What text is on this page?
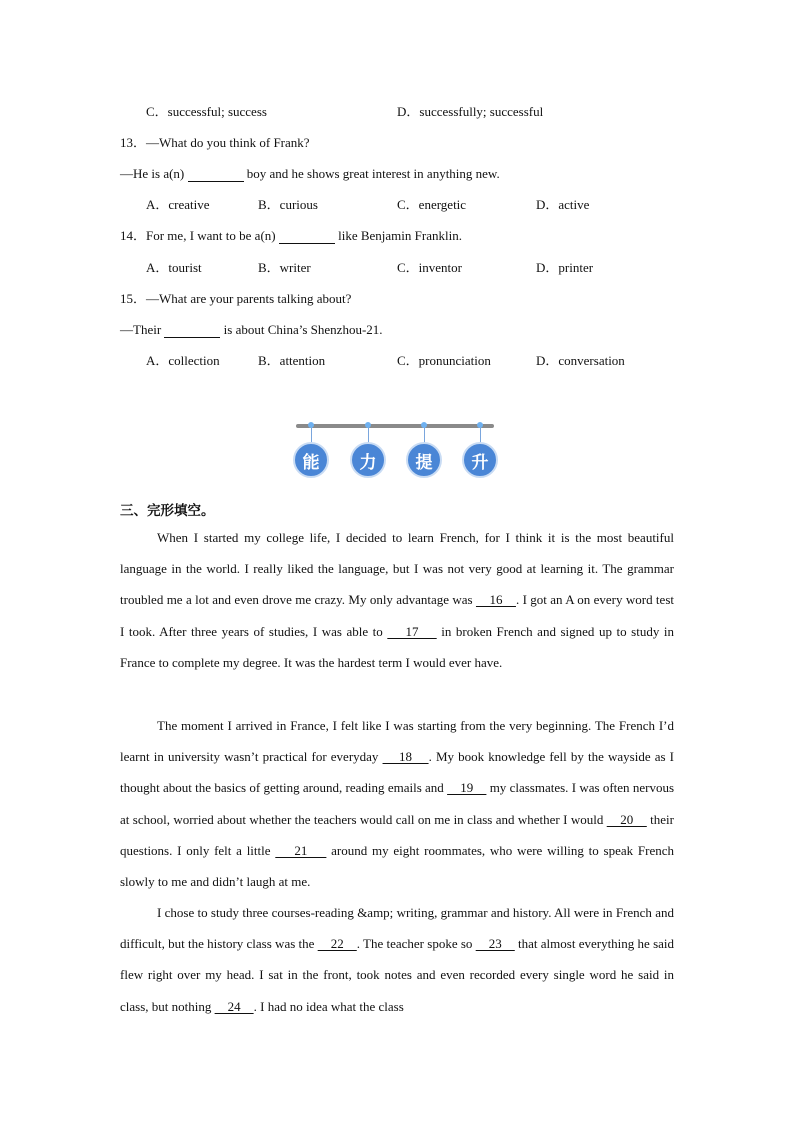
C．successful; success	D．successfully; successful
13．—What do you think of Frank?
—He is a(n)	boy and he shows great interest in anything new.
A．creative	B．curious	C．energetic	D．active
14．For me, I want to be a(n)	like Benjamin Franklin.
A．tourist	B．writer	C．inventor	D．printer
15．—What are your parents talking about?
—Their	is about China’s Shenzhou-21.
A．collection	B．attention	C．pronunciation	D．conversation
能	力	提	升
三、完形填空。
When I started my college life, I decided to learn French, for I think it is the most beautiful language in the world. I really liked the language, but I was not very good at learning it. The grammar troubled me a lot and even drove me crazy. My only advantage was     16    . I got an A on every word test I took. After three years of studies, I was able to     17     in broken French and signed up to study in France to complete my degree. It was the hardest term I would ever have.
The moment I arrived in France, I felt like I was starting from the very beginning. The French I’d learnt in university wasn’t practical for everyday     18    . My book knowledge fell by the wayside as I thought about the basics of getting around, reading emails and     19     my classmates. I was often nervous at school, worried about whether the teachers would call on me in class and whether I would     20     their questions. I only felt a little     21     around my eight roommates, who were willing to speak French slowly to me and didn’t laugh at me.
I chose to study three courses-reading &amp; writing, grammar and history. All were in French and difficult, but the history class was the     22    . The teacher spoke so     23     that almost everything he said flew right over my head. I sat in the front, took notes and even recorded every single word he said in class, but nothing     24    . I had no idea what the class
